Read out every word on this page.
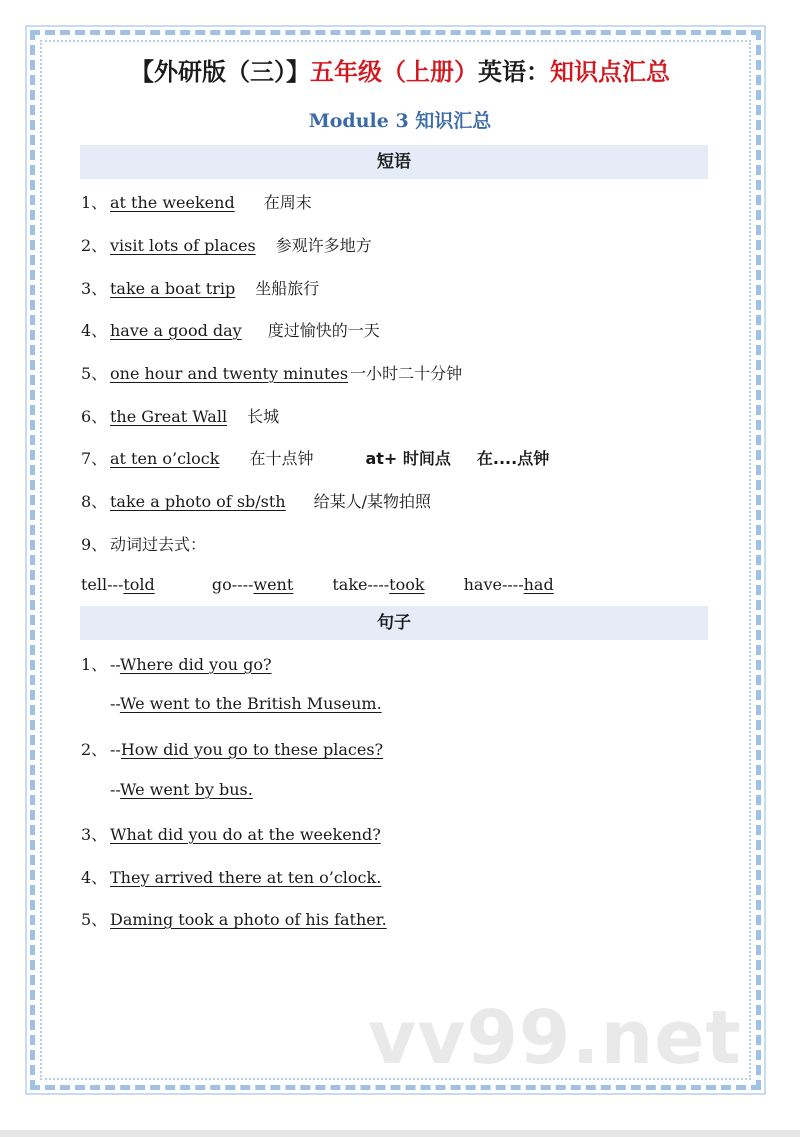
【外研版（三）】五年级（上册）英语：知识点汇总
Module 3 知识汇总
短语
1、 at the weekend 在周末
2、 visit lots of places 参观许多地方
3、 take a boat trip 坐船旅行
4、 have a good day 度过愉快的一天
5、 one hour and twenty minutes 一小时二十分钟
6、 the Great Wall 长城
7、 at ten o’clock 在十点钟	at+ 时间点 在....点钟
8、 take a photo of sb/sth 给某人/某物拍照
9、 动词过去式：
tell---told	go----went take----took have----had
句子
1、 --Where did you go?
--We went to the British Museum.
2、 --How did you go to these places?
--We went by bus.
3、 What did you do at the weekend?
4、 They arrived there at ten o’clock.
5、 Daming took a photo of his father.
vv99.net
